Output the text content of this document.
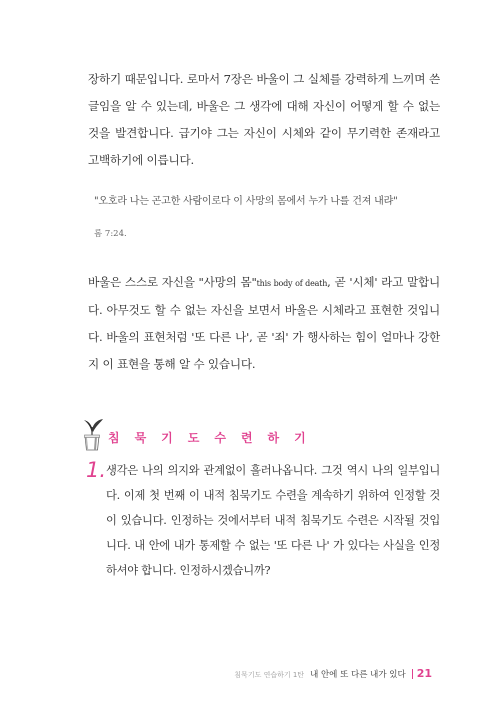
장하기 때문입니다. 로마서 7장은 바울이 그 실체를 강력하게 느끼며 쓴 글임을 알 수 있는데, 바울은 그 생각에 대해 자신이 어떻게 할 수 없는 것을 발견합니다. 급기야 그는 자신이 시체와 같이 무기력한 존재라고 고백하기에 이릅니다.

"오호라 나는 곤고한 사람이로다 이 사망의 몸에서 누가 나를 건져 내랴"
롬 7:24.

바울은 스스로 자신을 "사망의 몸"this body of death, 곧 '시체' 라고 말합니다. 아무것도 할 수 없는 자신을 보면서 바울은 시체라고 표현한 것입니다. 바울의 표현처럼 '또 다른 나', 곧 '죄' 가 행사하는 힘이 얼마나 강한지 이 표현을 통해 알 수 있습니다.

침묵기도수련하기
1. 생각은 나의 의지와 관계없이 흘러나옵니다. 그것 역시 나의 일부입니다. 이제 첫 번째 이 내적 침묵기도 수련을 계속하기 위하여 인정할 것이 있습니다. 인정하는 것에서부터 내적 침묵기도 수련은 시작될 것입니다. 내 안에 내가 통제할 수 없는 '또 다른 나' 가 있다는 사실을 인정하셔야 합니다. 인정하시겠습니까?
침묵기도 연습하기 1탄 내 안에 또 다른 내가 있다 21
